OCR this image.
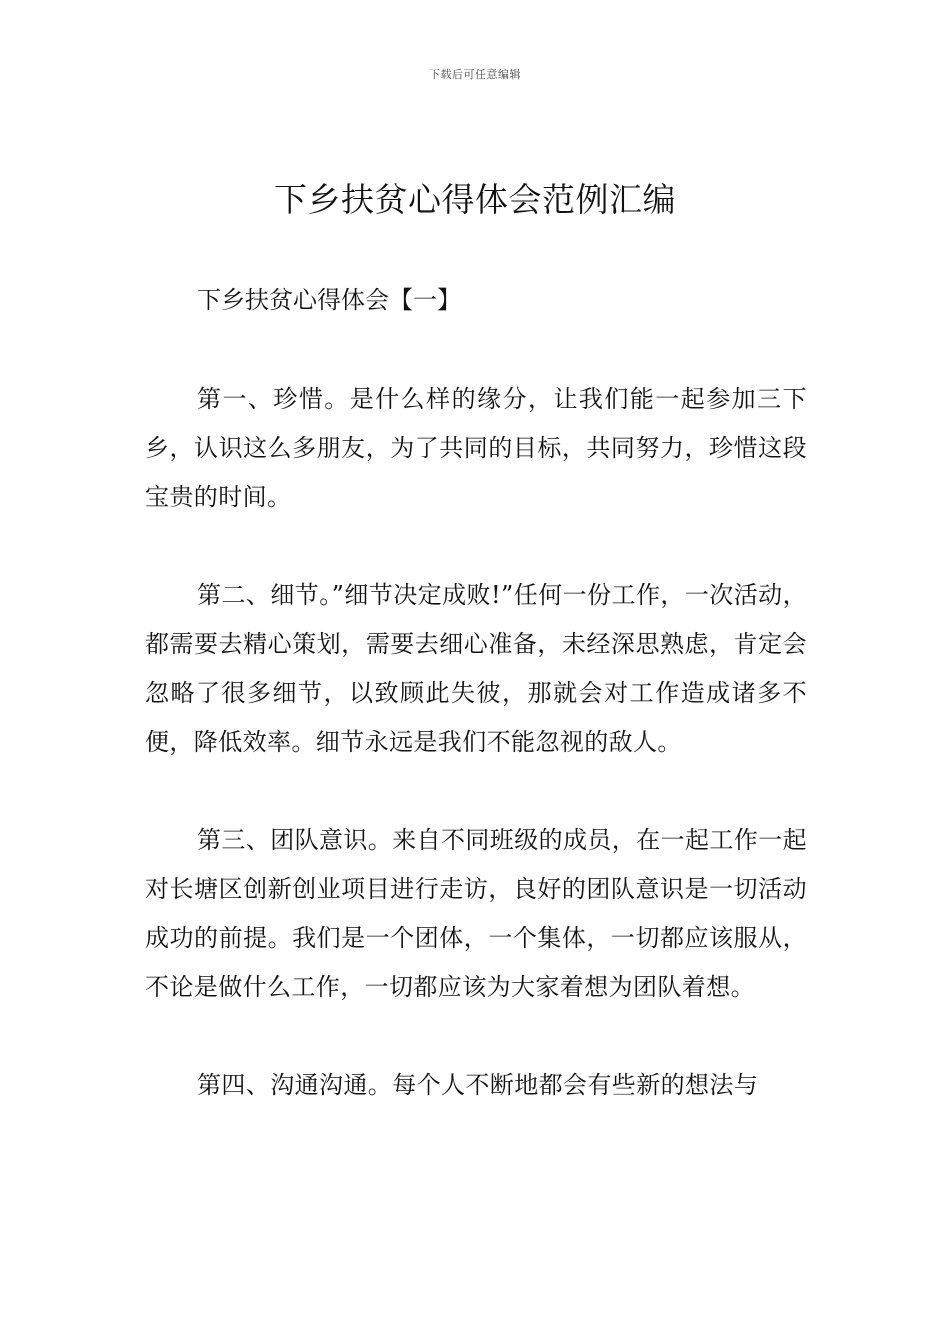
下载后可任意编辑
下乡扶贫心得体会范例汇编
下乡扶贫心得体会【一】

第一、珍惜。是什么样的缘分，让我们能一起参加三下乡，认识这么多朋友，为了共同的目标，共同努力，珍惜这段宝贵的时间。

第二、细节。”细节决定成败!”任何一份工作，一次活动，都需要去精心策划，需要去细心准备，未经深思熟虑，肯定会忽略了很多细节，以致顾此失彼，那就会对工作造成诸多不便，降低效率。细节永远是我们不能忽视的敌人。

第三、团队意识。来自不同班级的成员，在一起工作一起对长塘区创新创业项目进行走访，良好的团队意识是一切活动成功的前提。我们是一个团体，一个集体，一切都应该服从，不论是做什么工作，一切都应该为大家着想为团队着想。

第四、沟通沟通。每个人不断地都会有些新的想法与
